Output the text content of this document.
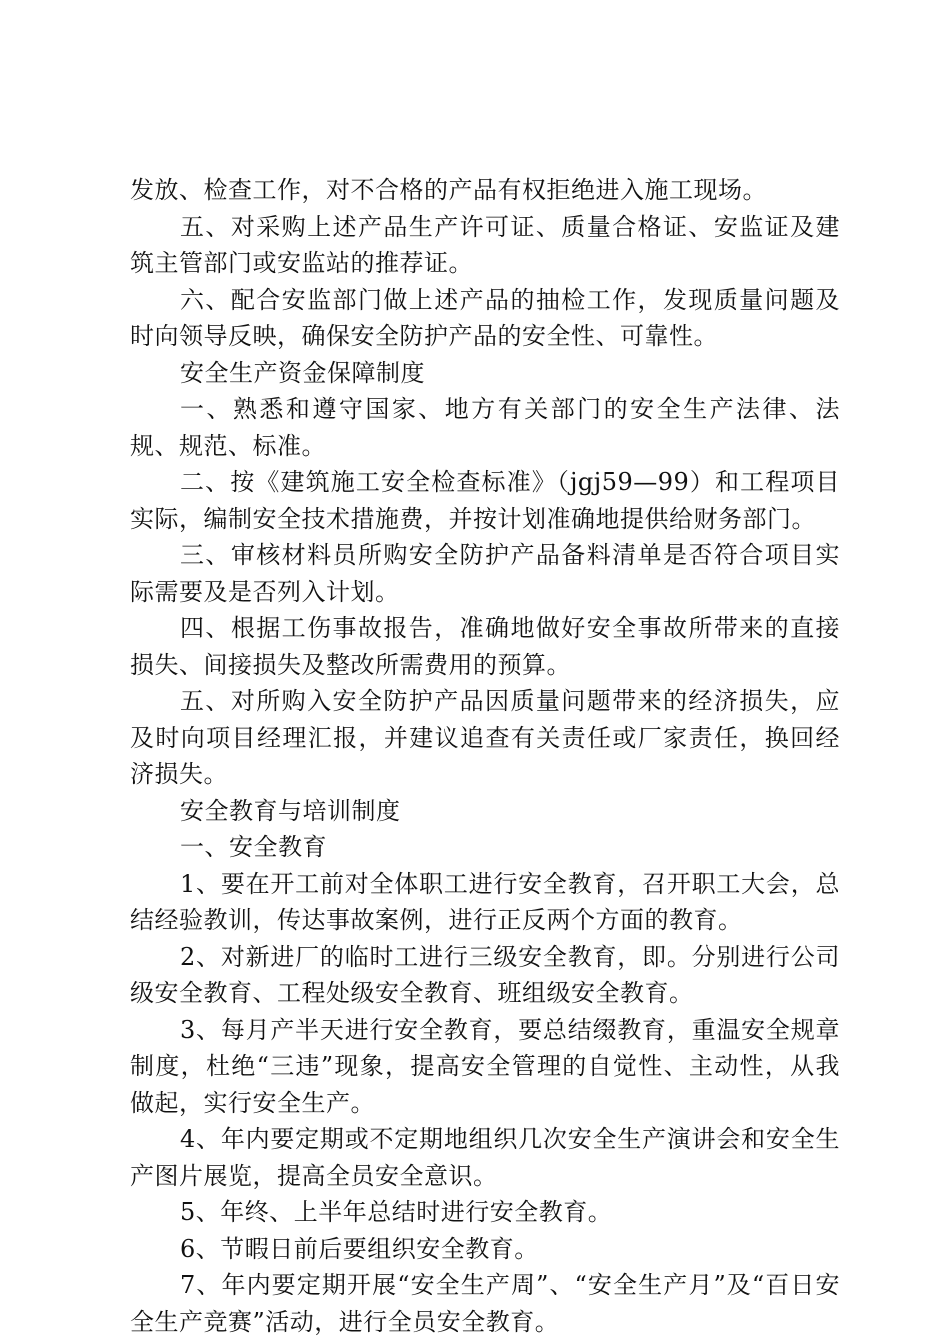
发放、检查工作，对不合格的产品有权拒绝进入施工现场。

五、对采购上述产品生产许可证、质量合格证、安监证及建筑主管部门或安监站的推荐证。

六、配合安监部门做上述产品的抽检工作，发现质量问题及时向领导反映，确保安全防护产品的安全性、可靠性。

安全生产资金保障制度

一、熟悉和遵守国家、地方有关部门的安全生产法律、法规、规范、标准。

二、按《建筑施工安全检查标准》（jgj59—99）和工程项目实际，编制安全技术措施费，并按计划准确地提供给财务部门。

三、审核材料员所购安全防护产品备料清单是否符合项目实际需要及是否列入计划。

四、根据工伤事故报告，准确地做好安全事故所带来的直接损失、间接损失及整改所需费用的预算。

五、对所购入安全防护产品因质量问题带来的经济损失，应及时向项目经理汇报，并建议追查有关责任或厂家责任，换回经济损失。

安全教育与培训制度

一、安全教育

1、要在开工前对全体职工进行安全教育，召开职工大会，总结经验教训，传达事故案例，进行正反两个方面的教育。

2、对新进厂的临时工进行三级安全教育，即。分别进行公司级安全教育、工程处级安全教育、班组级安全教育。

3、每月产半天进行安全教育，要总结缀教育，重温安全规章制度，杜绝“三违”现象，提高安全管理的自觉性、主动性，从我做起，实行安全生产。

4、年内要定期或不定期地组织几次安全生产演讲会和安全生产图片展览，提高全员安全意识。

5、年终、上半年总结时进行安全教育。

6、节暇日前后要组织安全教育。

7、年内要定期开展“安全生产周”、“安全生产月”及“百日安全生产竞赛”活动，进行全员安全教育。
